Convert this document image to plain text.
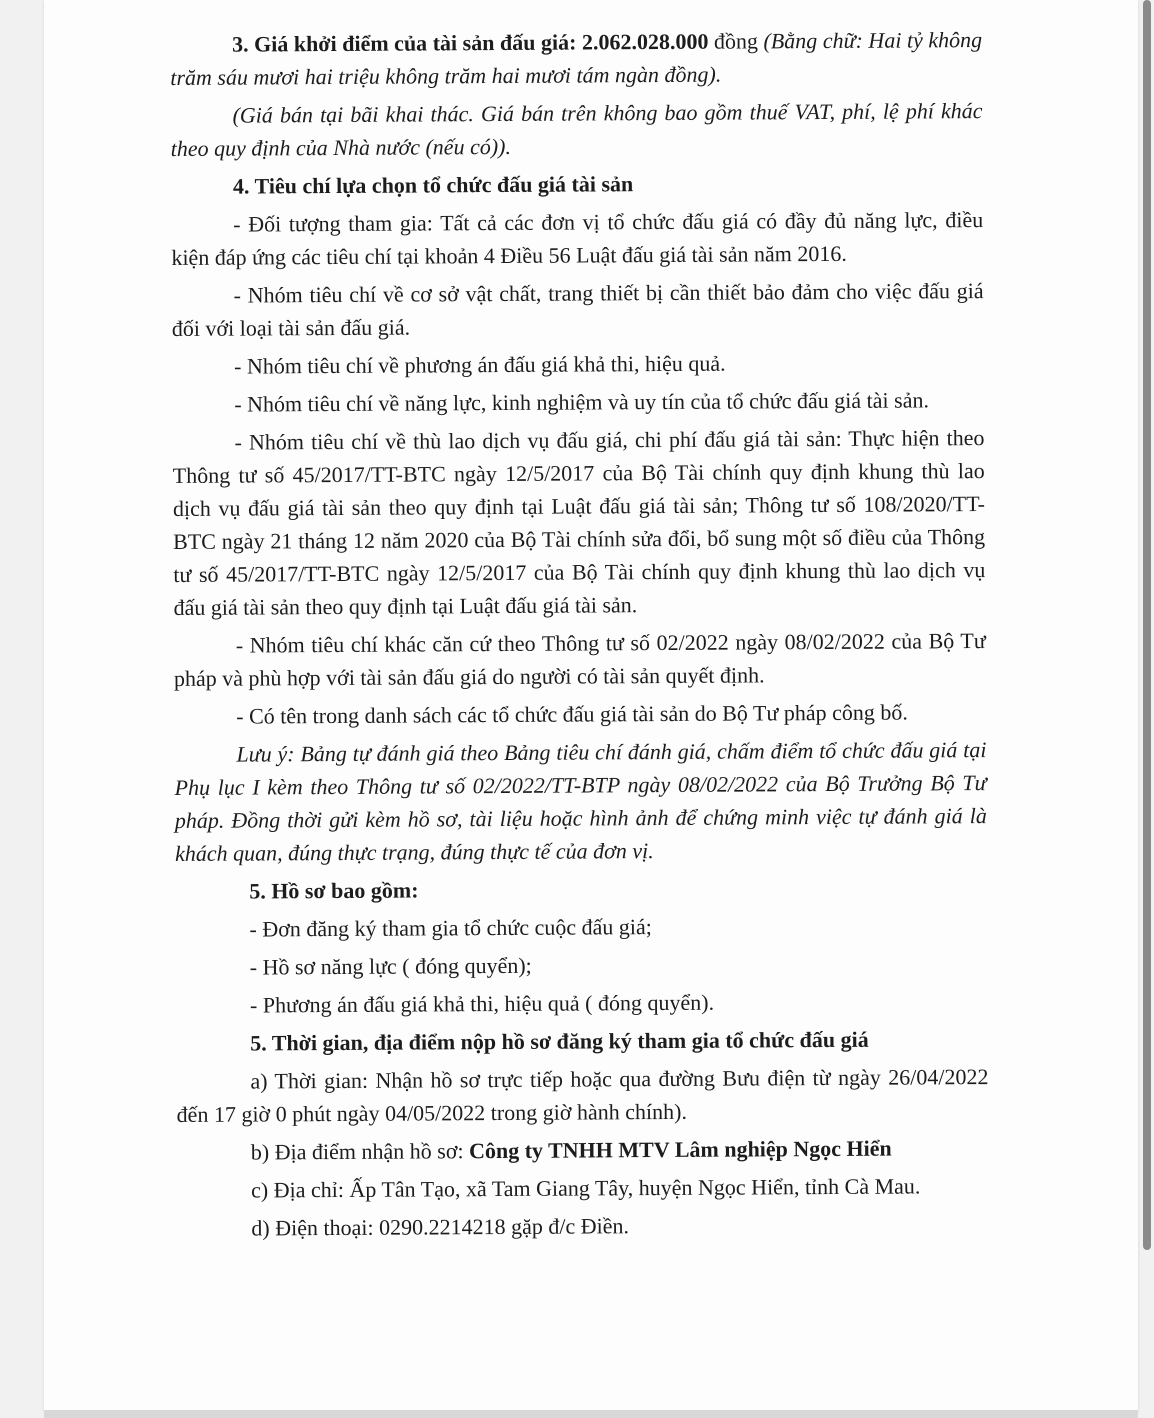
3. Giá khởi điểm của tài sản đấu giá: 2.062.028.000 đồng (Bằng chữ: Hai tỷ không trăm sáu mươi hai triệu không trăm hai mươi tám ngàn đồng).

(Giá bán tại bãi khai thác. Giá bán trên không bao gồm thuế VAT, phí, lệ phí khác theo quy định của Nhà nước (nếu có)).

4. Tiêu chí lựa chọn tổ chức đấu giá tài sản

- Đối tượng tham gia: Tất cả các đơn vị tổ chức đấu giá có đầy đủ năng lực, điều kiện đáp ứng các tiêu chí tại khoản 4 Điều 56 Luật đấu giá tài sản năm 2016.

- Nhóm tiêu chí về cơ sở vật chất, trang thiết bị cần thiết bảo đảm cho việc đấu giá đối với loại tài sản đấu giá.

- Nhóm tiêu chí về phương án đấu giá khả thi, hiệu quả.

- Nhóm tiêu chí về năng lực, kinh nghiệm và uy tín của tổ chức đấu giá tài sản.

- Nhóm tiêu chí về thù lao dịch vụ đấu giá, chi phí đấu giá tài sản: Thực hiện theo Thông tư số 45/2017/TT-BTC ngày 12/5/2017 của Bộ Tài chính quy định khung thù lao dịch vụ đấu giá tài sản theo quy định tại Luật đấu giá tài sản; Thông tư số 108/2020/TT-BTC ngày 21 tháng 12 năm 2020 của Bộ Tài chính sửa đổi, bổ sung một số điều của Thông tư số 45/2017/TT-BTC ngày 12/5/2017 của Bộ Tài chính quy định khung thù lao dịch vụ đấu giá tài sản theo quy định tại Luật đấu giá tài sản.

- Nhóm tiêu chí khác căn cứ theo Thông tư số 02/2022 ngày 08/02/2022 của Bộ Tư pháp và phù hợp với tài sản đấu giá do người có tài sản quyết định.

- Có tên trong danh sách các tổ chức đấu giá tài sản do Bộ Tư pháp công bố.

Lưu ý: Bảng tự đánh giá theo Bảng tiêu chí đánh giá, chấm điểm tổ chức đấu giá tại Phụ lục I kèm theo Thông tư số 02/2022/TT-BTP ngày 08/02/2022 của Bộ Trưởng Bộ Tư pháp. Đồng thời gửi kèm hồ sơ, tài liệu hoặc hình ảnh để chứng minh việc tự đánh giá là khách quan, đúng thực trạng, đúng thực tế của đơn vị.

5. Hồ sơ bao gồm:

- Đơn đăng ký tham gia tổ chức cuộc đấu giá;

- Hồ sơ năng lực ( đóng quyển);

- Phương án đấu giá khả thi, hiệu quả ( đóng quyển).

5. Thời gian, địa điểm nộp hồ sơ đăng ký tham gia tổ chức đấu giá

a) Thời gian: Nhận hồ sơ trực tiếp hoặc qua đường Bưu điện từ ngày 26/04/2022 đến 17 giờ 0 phút ngày 04/05/2022 trong giờ hành chính).

b) Địa điểm nhận hồ sơ: Công ty TNHH MTV Lâm nghiệp Ngọc Hiển

c) Địa chỉ: Ấp Tân Tạo, xã Tam Giang Tây, huyện Ngọc Hiển, tỉnh Cà Mau.

d) Điện thoại: 0290.2214218 gặp đ/c Điền.
